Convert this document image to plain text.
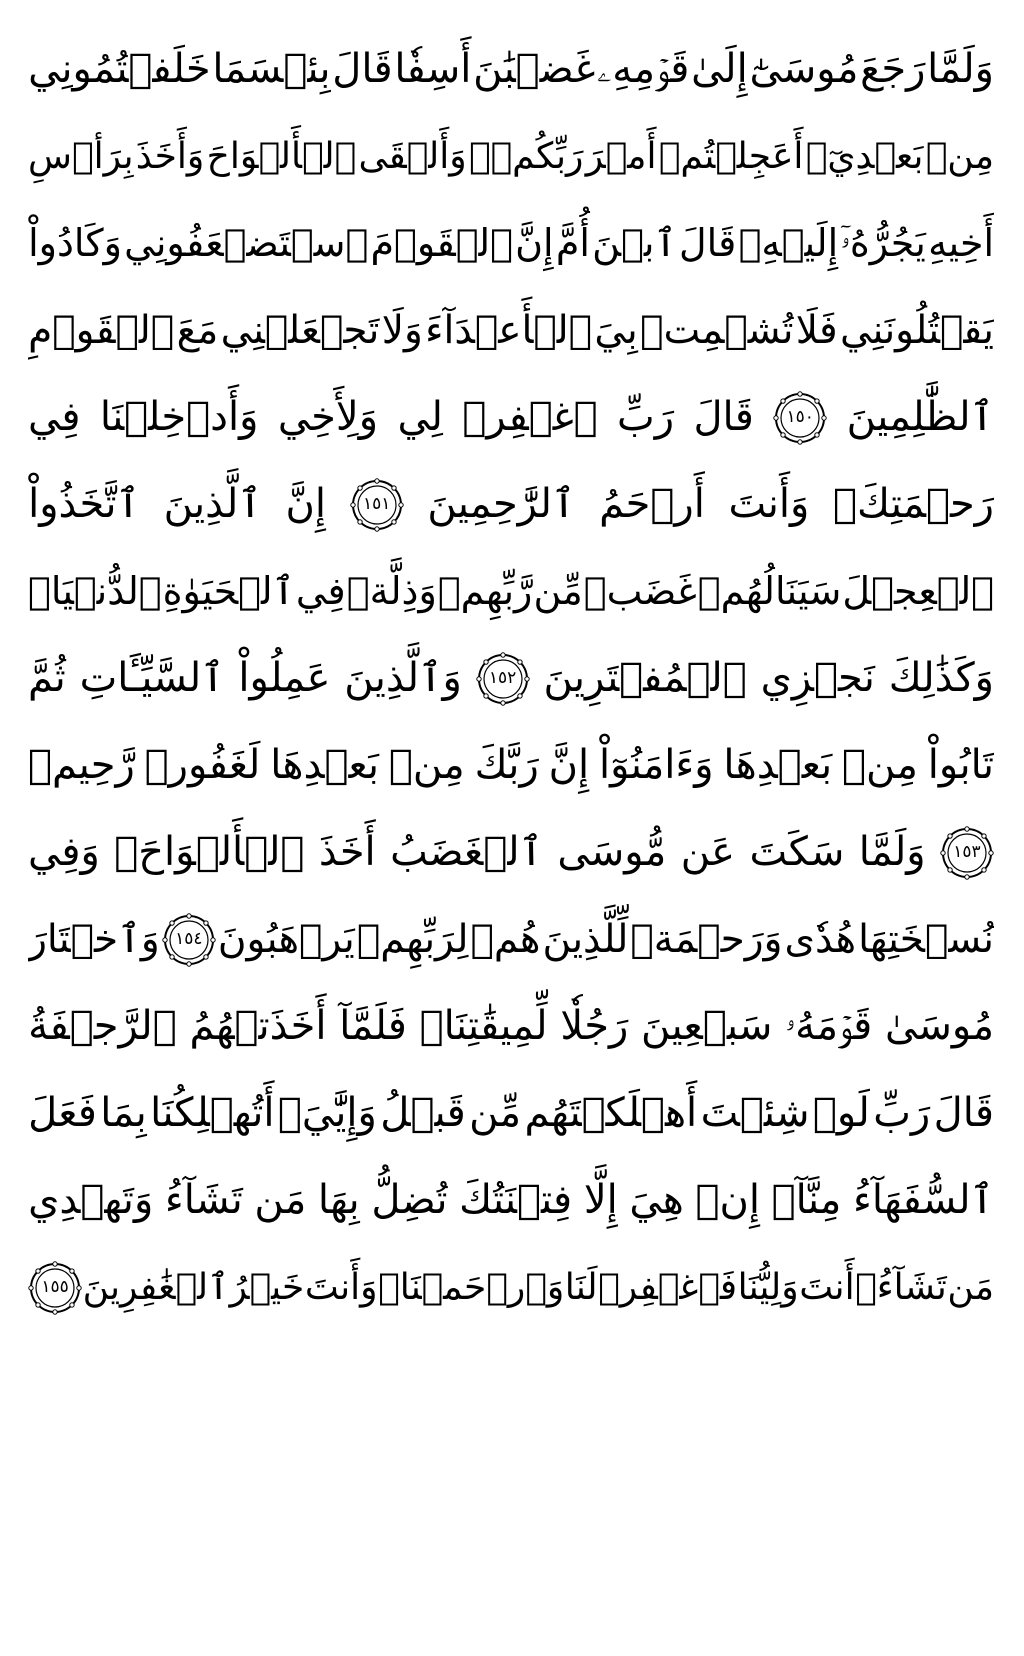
وَلَمَّا
رَجَعَ
مُوسَىٰٓ
إِلَىٰ
قَوۡمِهِۦ
غَضۡبَٰنَ
أَسِفٗا
قَالَ
بِئۡسَمَا
خَلَفۡتُمُونِي
مِنۢ
بَعۡدِيٓۖ
أَعَجِلۡتُمۡ
أَمۡرَ
رَبِّكُمۡۖ
وَأَلۡقَى
ٱلۡأَلۡوَاحَ
وَأَخَذَ
بِرَأۡسِ
أَخِيهِ
يَجُرُّهُۥٓ
إِلَيۡهِۚ
قَالَ
ٱبۡنَ
أُمَّ
إِنَّ
ٱلۡقَوۡمَ
ٱسۡتَضۡعَفُونِي
وَكَادُواْ
يَقۡتُلُونَنِي
فَلَا
تُشۡمِتۡ
بِيَ
ٱلۡأَعۡدَآءَ
وَلَا
تَجۡعَلۡنِي
مَعَ
ٱلۡقَوۡمِ
ٱلظَّٰلِمِينَ
١٥٠
قَالَ
رَبِّ
ٱغۡفِرۡ
لِي
وَلِأَخِي
وَأَدۡخِلۡنَا
فِي
رَحۡمَتِكَۖ
وَأَنتَ
أَرۡحَمُ
ٱلرَّٰحِمِينَ
١٥١
إِنَّ
ٱلَّذِينَ
ٱتَّخَذُواْ
ٱلۡعِجۡلَ
سَيَنَالُهُمۡ
غَضَبٞ
مِّن
رَّبِّهِمۡ
وَذِلَّةٞ
فِي
ٱلۡحَيَوٰةِ
ٱلدُّنۡيَاۚ
وَكَذَٰلِكَ
نَجۡزِي
ٱلۡمُفۡتَرِينَ
١٥٢
وَٱلَّذِينَ
عَمِلُواْ
ٱلسَّيِّـَٔاتِ
ثُمَّ
تَابُواْ
مِنۢ
بَعۡدِهَا
وَءَامَنُوٓاْ
إِنَّ
رَبَّكَ
مِنۢ
بَعۡدِهَا
لَغَفُورٞ
رَّحِيمٞ
١٥٣
وَلَمَّا
سَكَتَ
عَن
مُّوسَى
ٱلۡغَضَبُ
أَخَذَ
ٱلۡأَلۡوَاحَۖ
وَفِي
نُسۡخَتِهَا
هُدٗى
وَرَحۡمَةٞ
لِّلَّذِينَ
هُمۡ
لِرَبِّهِمۡ
يَرۡهَبُونَ
١٥٤
وَٱخۡتَارَ
مُوسَىٰ
قَوۡمَهُۥ
سَبۡعِينَ
رَجُلٗا
لِّمِيقَٰتِنَاۖ
فَلَمَّآ
أَخَذَتۡهُمُ
ٱلرَّجۡفَةُ
قَالَ
رَبِّ
لَوۡ
شِئۡتَ
أَهۡلَكۡتَهُم
مِّن
قَبۡلُ
وَإِيَّٰيَۖ
أَتُهۡلِكُنَا
بِمَا
فَعَلَ
ٱلسُّفَهَآءُ
مِنَّآۖ
إِنۡ
هِيَ
إِلَّا
فِتۡنَتُكَ
تُضِلُّ
بِهَا
مَن
تَشَآءُ
وَتَهۡدِي
مَن
تَشَآءُۖ
أَنتَ
وَلِيُّنَا
فَٱغۡفِرۡ
لَنَا
وَٱرۡحَمۡنَاۖ
وَأَنتَ
خَيۡرُ
ٱلۡغَٰفِرِينَ
١٥٥
